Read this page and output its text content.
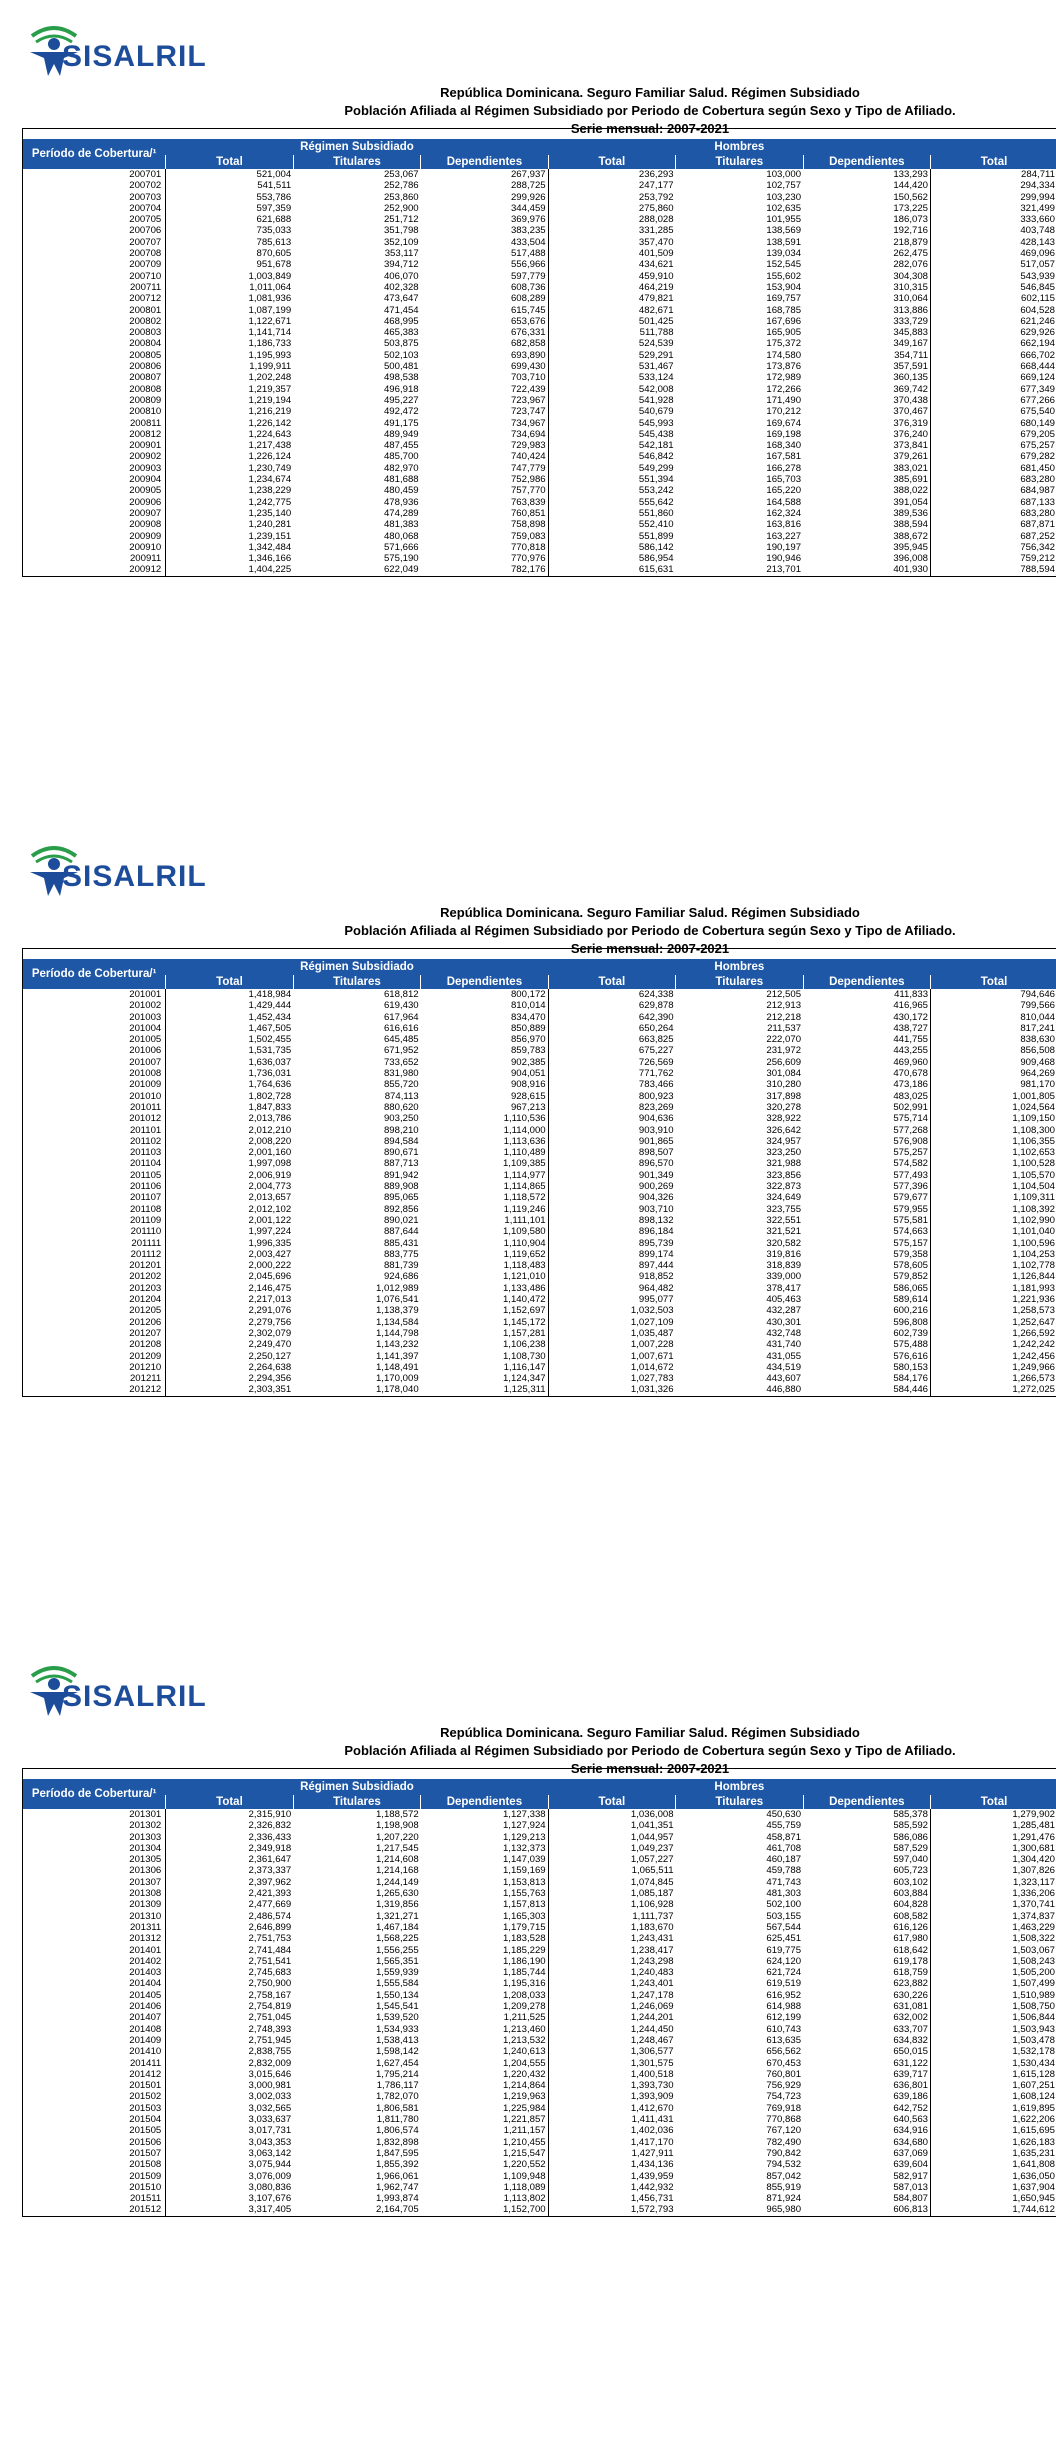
SISALRIL
República Dominicana. Seguro Familiar Salud. Régimen Subsidiado
Población Afiliada al Régimen Subsidiado por Periodo de Cobertura según Sexo y Tipo de Afiliado.
Serie mensual: 2007-2021
Período de Cobertura/¹	Régimen Subsidiado			Hombres			
	Total	Titulares	Dependientes	Total	Titulares	Dependientes	Total
200701	521,004	253,067	267,937	236,293	103,000	133,293	284,711
200702	541,511	252,786	288,725	247,177	102,757	144,420	294,334
200703	553,786	253,860	299,926	253,792	103,230	150,562	299,994
200704	597,359	252,900	344,459	275,860	102,635	173,225	321,499
200705	621,688	251,712	369,976	288,028	101,955	186,073	333,660
200706	735,033	351,798	383,235	331,285	138,569	192,716	403,748
200707	785,613	352,109	433,504	357,470	138,591	218,879	428,143
200708	870,605	353,117	517,488	401,509	139,034	262,475	469,096
200709	951,678	394,712	556,966	434,621	152,545	282,076	517,057
200710	1,003,849	406,070	597,779	459,910	155,602	304,308	543,939
200711	1,011,064	402,328	608,736	464,219	153,904	310,315	546,845
200712	1,081,936	473,647	608,289	479,821	169,757	310,064	602,115
200801	1,087,199	471,454	615,745	482,671	168,785	313,886	604,528
200802	1,122,671	468,995	653,676	501,425	167,696	333,729	621,246
200803	1,141,714	465,383	676,331	511,788	165,905	345,883	629,926
200804	1,186,733	503,875	682,858	524,539	175,372	349,167	662,194
200805	1,195,993	502,103	693,890	529,291	174,580	354,711	666,702
200806	1,199,911	500,481	699,430	531,467	173,876	357,591	668,444
200807	1,202,248	498,538	703,710	533,124	172,989	360,135	669,124
200808	1,219,357	496,918	722,439	542,008	172,266	369,742	677,349
200809	1,219,194	495,227	723,967	541,928	171,490	370,438	677,266
200810	1,216,219	492,472	723,747	540,679	170,212	370,467	675,540
200811	1,226,142	491,175	734,967	545,993	169,674	376,319	680,149
200812	1,224,643	489,949	734,694	545,438	169,198	376,240	679,205
200901	1,217,438	487,455	729,983	542,181	168,340	373,841	675,257
200902	1,226,124	485,700	740,424	546,842	167,581	379,261	679,282
200903	1,230,749	482,970	747,779	549,299	166,278	383,021	681,450
200904	1,234,674	481,688	752,986	551,394	165,703	385,691	683,280
200905	1,238,229	480,459	757,770	553,242	165,220	388,022	684,987
200906	1,242,775	478,936	763,839	555,642	164,588	391,054	687,133
200907	1,235,140	474,289	760,851	551,860	162,324	389,536	683,280
200908	1,240,281	481,383	758,898	552,410	163,816	388,594	687,871
200909	1,239,151	480,068	759,083	551,899	163,227	388,672	687,252
200910	1,342,484	571,666	770,818	586,142	190,197	395,945	756,342
200911	1,346,166	575,190	770,976	586,954	190,946	396,008	759,212
200912	1,404,225	622,049	782,176	615,631	213,701	401,930	788,594
SISALRIL
República Dominicana. Seguro Familiar Salud. Régimen Subsidiado
Población Afiliada al Régimen Subsidiado por Periodo de Cobertura según Sexo y Tipo de Afiliado.
Serie mensual: 2007-2021
Período de Cobertura/¹	Régimen Subsidiado			Hombres			
	Total	Titulares	Dependientes	Total	Titulares	Dependientes	Total
201001	1,418,984	618,812	800,172	624,338	212,505	411,833	794,646
201002	1,429,444	619,430	810,014	629,878	212,913	416,965	799,566
201003	1,452,434	617,964	834,470	642,390	212,218	430,172	810,044
201004	1,467,505	616,616	850,889	650,264	211,537	438,727	817,241
201005	1,502,455	645,485	856,970	663,825	222,070	441,755	838,630
201006	1,531,735	671,952	859,783	675,227	231,972	443,255	856,508
201007	1,636,037	733,652	902,385	726,569	256,609	469,960	909,468
201008	1,736,031	831,980	904,051	771,762	301,084	470,678	964,269
201009	1,764,636	855,720	908,916	783,466	310,280	473,186	981,170
201010	1,802,728	874,113	928,615	800,923	317,898	483,025	1,001,805
201011	1,847,833	880,620	967,213	823,269	320,278	502,991	1,024,564
201012	2,013,786	903,250	1,110,536	904,636	328,922	575,714	1,109,150
201101	2,012,210	898,210	1,114,000	903,910	326,642	577,268	1,108,300
201102	2,008,220	894,584	1,113,636	901,865	324,957	576,908	1,106,355
201103	2,001,160	890,671	1,110,489	898,507	323,250	575,257	1,102,653
201104	1,997,098	887,713	1,109,385	896,570	321,988	574,582	1,100,528
201105	2,006,919	891,942	1,114,977	901,349	323,856	577,493	1,105,570
201106	2,004,773	889,908	1,114,865	900,269	322,873	577,396	1,104,504
201107	2,013,657	895,065	1,118,572	904,326	324,649	579,677	1,109,311
201108	2,012,102	892,856	1,119,246	903,710	323,755	579,955	1,108,392
201109	2,001,122	890,021	1,111,101	898,132	322,551	575,581	1,102,990
201110	1,997,224	887,644	1,109,580	896,184	321,521	574,663	1,101,040
201111	1,996,335	885,431	1,110,904	895,739	320,582	575,157	1,100,596
201112	2,003,427	883,775	1,119,652	899,174	319,816	579,358	1,104,253
201201	2,000,222	881,739	1,118,483	897,444	318,839	578,605	1,102,778
201202	2,045,696	924,686	1,121,010	918,852	339,000	579,852	1,126,844
201203	2,146,475	1,012,989	1,133,486	964,482	378,417	586,065	1,181,993
201204	2,217,013	1,076,541	1,140,472	995,077	405,463	589,614	1,221,936
201205	2,291,076	1,138,379	1,152,697	1,032,503	432,287	600,216	1,258,573
201206	2,279,756	1,134,584	1,145,172	1,027,109	430,301	596,808	1,252,647
201207	2,302,079	1,144,798	1,157,281	1,035,487	432,748	602,739	1,266,592
201208	2,249,470	1,143,232	1,106,238	1,007,228	431,740	575,488	1,242,242
201209	2,250,127	1,141,397	1,108,730	1,007,671	431,055	576,616	1,242,456
201210	2,264,638	1,148,491	1,116,147	1,014,672	434,519	580,153	1,249,966
201211	2,294,356	1,170,009	1,124,347	1,027,783	443,607	584,176	1,266,573
201212	2,303,351	1,178,040	1,125,311	1,031,326	446,880	584,446	1,272,025
SISALRIL
República Dominicana. Seguro Familiar Salud. Régimen Subsidiado
Población Afiliada al Régimen Subsidiado por Periodo de Cobertura según Sexo y Tipo de Afiliado.
Serie mensual: 2007-2021
Período de Cobertura/¹	Régimen Subsidiado			Hombres			
	Total	Titulares	Dependientes	Total	Titulares	Dependientes	Total
201301	2,315,910	1,188,572	1,127,338	1,036,008	450,630	585,378	1,279,902
201302	2,326,832	1,198,908	1,127,924	1,041,351	455,759	585,592	1,285,481
201303	2,336,433	1,207,220	1,129,213	1,044,957	458,871	586,086	1,291,476
201304	2,349,918	1,217,545	1,132,373	1,049,237	461,708	587,529	1,300,681
201305	2,361,647	1,214,608	1,147,039	1,057,227	460,187	597,040	1,304,420
201306	2,373,337	1,214,168	1,159,169	1,065,511	459,788	605,723	1,307,826
201307	2,397,962	1,244,149	1,153,813	1,074,845	471,743	603,102	1,323,117
201308	2,421,393	1,265,630	1,155,763	1,085,187	481,303	603,884	1,336,206
201309	2,477,669	1,319,856	1,157,813	1,106,928	502,100	604,828	1,370,741
201310	2,486,574	1,321,271	1,165,303	1,111,737	503,155	608,582	1,374,837
201311	2,646,899	1,467,184	1,179,715	1,183,670	567,544	616,126	1,463,229
201312	2,751,753	1,568,225	1,183,528	1,243,431	625,451	617,980	1,508,322
201401	2,741,484	1,556,255	1,185,229	1,238,417	619,775	618,642	1,503,067
201402	2,751,541	1,565,351	1,186,190	1,243,298	624,120	619,178	1,508,243
201403	2,745,683	1,559,939	1,185,744	1,240,483	621,724	618,759	1,505,200
201404	2,750,900	1,555,584	1,195,316	1,243,401	619,519	623,882	1,507,499
201405	2,758,167	1,550,134	1,208,033	1,247,178	616,952	630,226	1,510,989
201406	2,754,819	1,545,541	1,209,278	1,246,069	614,988	631,081	1,508,750
201407	2,751,045	1,539,520	1,211,525	1,244,201	612,199	632,002	1,506,844
201408	2,748,393	1,534,933	1,213,460	1,244,450	610,743	633,707	1,503,943
201409	2,751,945	1,538,413	1,213,532	1,248,467	613,635	634,832	1,503,478
201410	2,838,755	1,598,142	1,240,613	1,306,577	656,562	650,015	1,532,178
201411	2,832,009	1,627,454	1,204,555	1,301,575	670,453	631,122	1,530,434
201412	3,015,646	1,795,214	1,220,432	1,400,518	760,801	639,717	1,615,128
201501	3,000,981	1,786,117	1,214,864	1,393,730	756,929	636,801	1,607,251
201502	3,002,033	1,782,070	1,219,963	1,393,909	754,723	639,186	1,608,124
201503	3,032,565	1,806,581	1,225,984	1,412,670	769,918	642,752	1,619,895
201504	3,033,637	1,811,780	1,221,857	1,411,431	770,868	640,563	1,622,206
201505	3,017,731	1,806,574	1,211,157	1,402,036	767,120	634,916	1,615,695
201506	3,043,353	1,832,898	1,210,455	1,417,170	782,490	634,680	1,626,183
201507	3,063,142	1,847,595	1,215,547	1,427,911	790,842	637,069	1,635,231
201508	3,075,944	1,855,392	1,220,552	1,434,136	794,532	639,604	1,641,808
201509	3,076,009	1,966,061	1,109,948	1,439,959	857,042	582,917	1,636,050
201510	3,080,836	1,962,747	1,118,089	1,442,932	855,919	587,013	1,637,904
201511	3,107,676	1,993,874	1,113,802	1,456,731	871,924	584,807	1,650,945
201512	3,317,405	2,164,705	1,152,700	1,572,793	965,980	606,813	1,744,612
